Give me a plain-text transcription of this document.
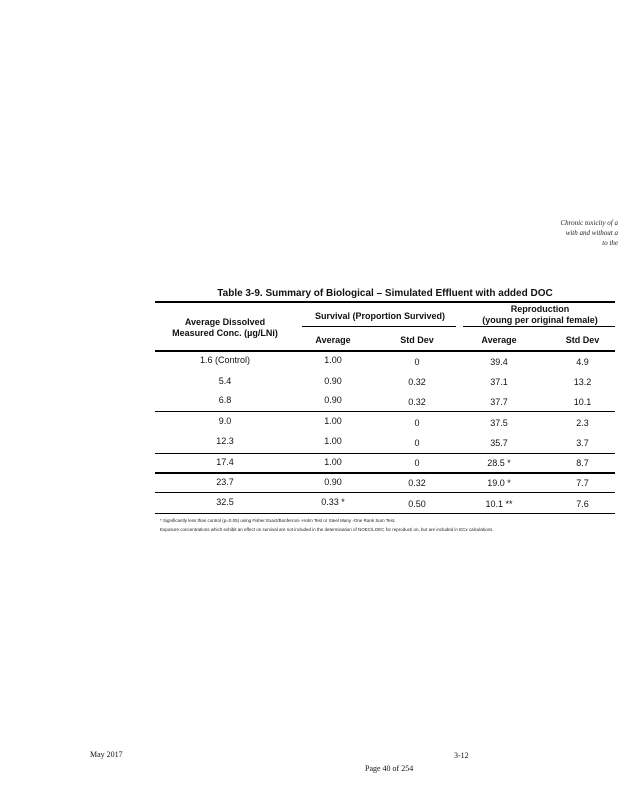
Chronic toxicity of a
with and without a
to the
Table 3-9. Summary of Biological – Simulated Effluent with added DOC
Average Dissolved
Measured Conc. (µg/LNi)
Survival (Proportion Survived)
Reproduction
(young per original female)
Average	Std Dev	Average	Std Dev
1.6 (Control)	1.00	0	39.4	4.9
5.4	0.90	0.32	37.1	13.2
6.8	0.90	0.32	37.7	10.1
9.0	1.00	0	37.5	2.3
12.3	1.00	0	35.7	3.7
17.4	1.00	0	28.5 *	8.7
23.7	0.90	0.32	19.0 *	7.7
32.5	0.33 *	0.50	10.1 **	7.6
* Significantly less than control (p=0.05) using Fisher Exact/Bonferroni -Holm Test or Steel Many -One Rank Sum Test.
Exposure concentrations which exhibit an effect on survival are not included in the determination of NOEC/LOEC for reproducti on, but are included in ECx calculations.
May 2017	3-12
Page 40 of 254
